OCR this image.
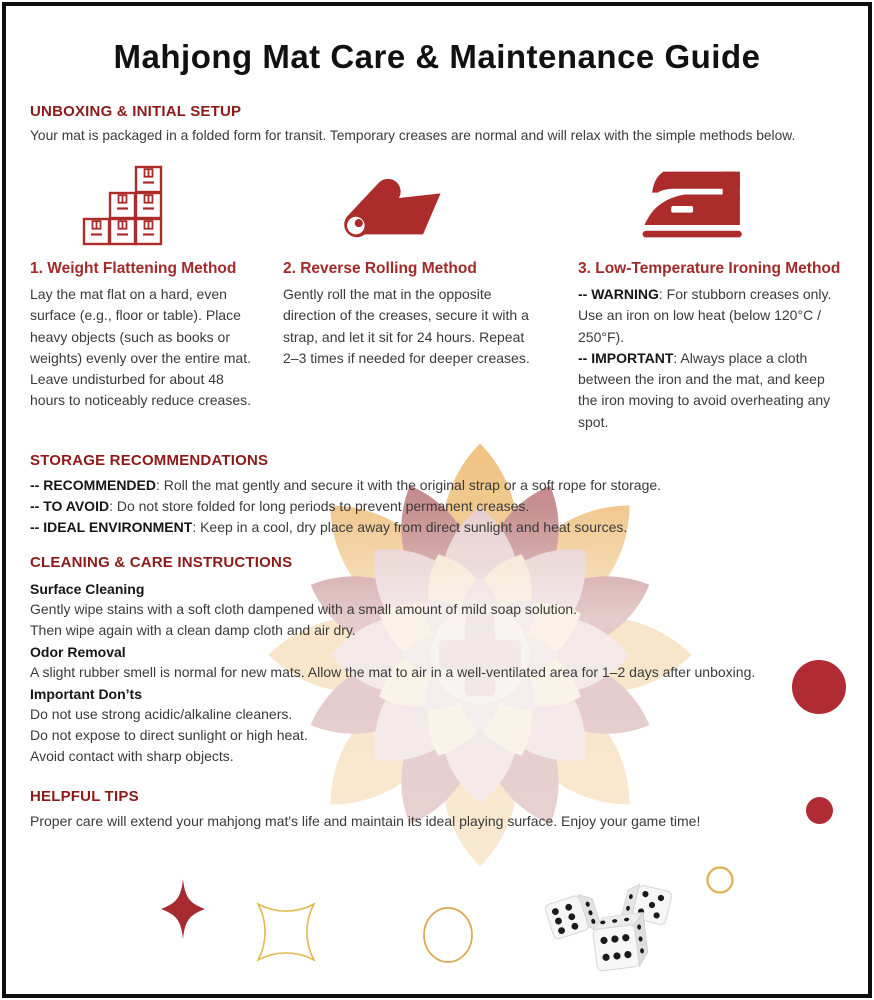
Mahjong Mat Care & Maintenance Guide
UNBOXING & INITIAL SETUP

Your mat is packaged in a folded form for transit. Temporary creases are normal and will relax with the simple methods below.

1. Weight Flattening Method

Lay the mat flat on a hard, even surface (e.g., floor or table). Place heavy objects (such as books or weights) evenly over the entire mat. Leave undisturbed for about 48 hours to noticeably reduce creases.

2. Reverse Rolling Method

Gently roll the mat in the opposite direction of the creases, secure it with a strap, and let it sit for 24 hours. Repeat 2–3 times if needed for deeper creases.

3. Low-Temperature Ironing Method

-- WARNING: For stubborn creases only. Use an iron on low heat (below 120°C / 250°F).

-- IMPORTANT: Always place a cloth between the iron and the mat, and keep the iron moving to avoid overheating any spot.

STORAGE RECOMMENDATIONS
-- RECOMMENDED: Roll the mat gently and secure it with the original strap or a soft rope for storage.
-- TO AVOID: Do not store folded for long periods to prevent permanent creases.
-- IDEAL ENVIRONMENT: Keep in a cool, dry place away from direct sunlight and heat sources.
CLEANING & CARE INSTRUCTIONS
Surface Cleaning
Gently wipe stains with a soft cloth dampened with a small amount of mild soap solution.
Then wipe again with a clean damp cloth and air dry.
Odor Removal
A slight rubber smell is normal for new mats. Allow the mat to air in a well-ventilated area for 1–2 days after unboxing.
Important Don’ts
Do not use strong acidic/alkaline cleaners.
Do not expose to direct sunlight or high heat.
Avoid contact with sharp objects.
HELPFUL TIPS
Proper care will extend your mahjong mat's life and maintain its ideal playing surface. Enjoy your game time!
